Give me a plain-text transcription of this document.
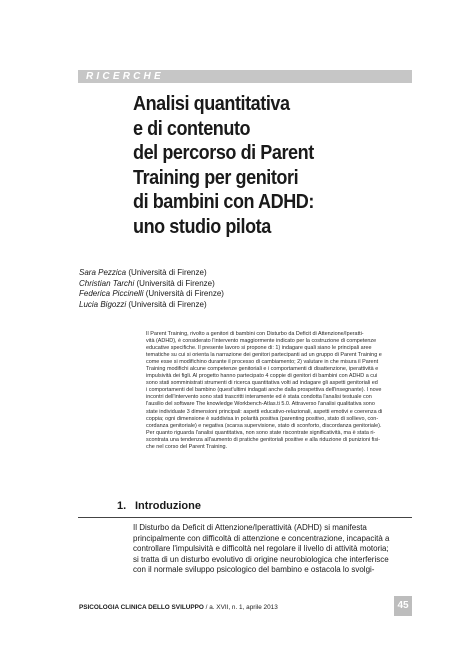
RICERCHE
Analisi quantitativa
e di contenuto
del percorso di Parent
Training per genitori
di bambini con ADHD:
uno studio pilota
Sara Pezzica (Università di Firenze)
Christian Tarchi (Università di Firenze)
Federica Piccinelli (Università di Firenze)
Lucia Bigozzi (Università di Firenze)
Il Parent Training, rivolto a genitori di bambini con Disturbo da Deficit di Attenzione/Iperatti-
vità (ADHD), è considerato l'intervento maggiormente indicato per la costruzione di competenze
educative specifiche. Il presente lavoro si propone di: 1) indagare quali siano le principali aree
tematiche su cui si orienta la narrazione dei genitori partecipanti ad un gruppo di Parent Training e
come esse si modifichino durante il processo di cambiamento; 2) valutare in che misura il Parent
Training modifichi alcune competenze genitoriali e i comportamenti di disattenzione, iperattività e
impulsività dei figli. Al progetto hanno partecipato 4 coppie di genitori di bambini con ADHD a cui
sono stati somministrati strumenti di ricerca quantitativa volti ad indagare gli aspetti genitoriali ed
i comportamenti del bambino (quest'ultimi indagati anche dalla prospettiva dell'insegnante). I nove
incontri dell'intervento sono stati trascritti interamente ed è stata condotta l'analisi testuale con
l'ausilio del software The knowledge Workbench-Atlas.ti 5.0. Attraverso l'analisi qualitativa sono
state individuate 3 dimensioni principali: aspetti educativo-relazionali, aspetti emotivi e coerenza di
coppia; ogni dimensione è suddivisa in polarità positiva (parenting positivo, stato di sollievo, con-
cordanza genitoriale) e negativa (scarsa supervisione, stato di sconforto, discordanza genitoriale).
Per quanto riguarda l'analisi quantitativa, non sono state riscontrate significatività, ma è stata ri-
scontrata una tendenza all'aumento di pratiche genitoriali positive e alla riduzione di punizioni fisi-
che nel corso del Parent Training.
1. Introduzione
Il Disturbo da Deficit di Attenzione/Iperattività (ADHD) si manifesta
principalmente con difficoltà di attenzione e concentrazione, incapacità a
controllare l'impulsività e difficoltà nel regolare il livello di attività motoria;
si tratta di un disturbo evolutivo di origine neurobiologica che interferisce
con il normale sviluppo psicologico del bambino e ostacola lo svolgi-
PSICOLOGIA CLINICA DELLO SVILUPPO / a. XVII, n. 1, aprile 2013	45
